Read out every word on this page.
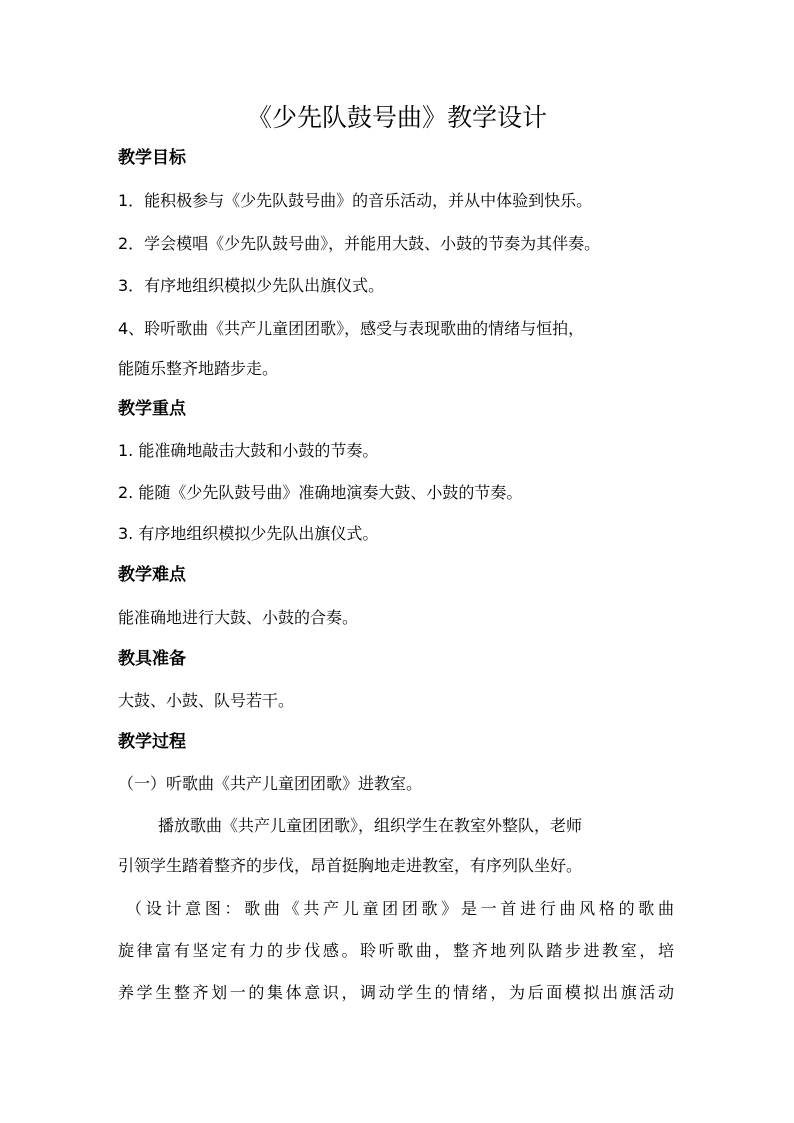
《少先队鼓号曲》教学设计
教学目标
1．能积极参与《少先队鼓号曲》的音乐活动，并从中体验到快乐。
2．学会模唱《少先队鼓号曲》，并能用大鼓、小鼓的节奏为其伴奏。
3．有序地组织模拟少先队出旗仪式。
4、聆听歌曲《共产儿童团团歌》，感受与表现歌曲的情绪与恒拍，
能随乐整齐地踏步走。
教学重点
1. 能准确地敲击大鼓和小鼓的节奏。
2. 能随《少先队鼓号曲》准确地演奏大鼓、小鼓的节奏。
3. 有序地组织模拟少先队出旗仪式。
教学难点
能准确地进行大鼓、小鼓的合奏。
教具准备
大鼓、小鼓、队号若干。
教学过程
（一）听歌曲《共产儿童团团歌》进教室。
播放歌曲《共产儿童团团歌》，组织学生在教室外整队，老师
引领学生踏着整齐的步伐，昂首挺胸地走进教室，有序列队坐好。
（设计意图：歌曲《共产儿童团团歌》是一首进行曲风格的歌曲
旋律富有坚定有力的步伐感。聆听歌曲，整齐地列队踏步进教室，培
养学生整齐划一的集体意识，调动学生的情绪，为后面模拟出旗活动
